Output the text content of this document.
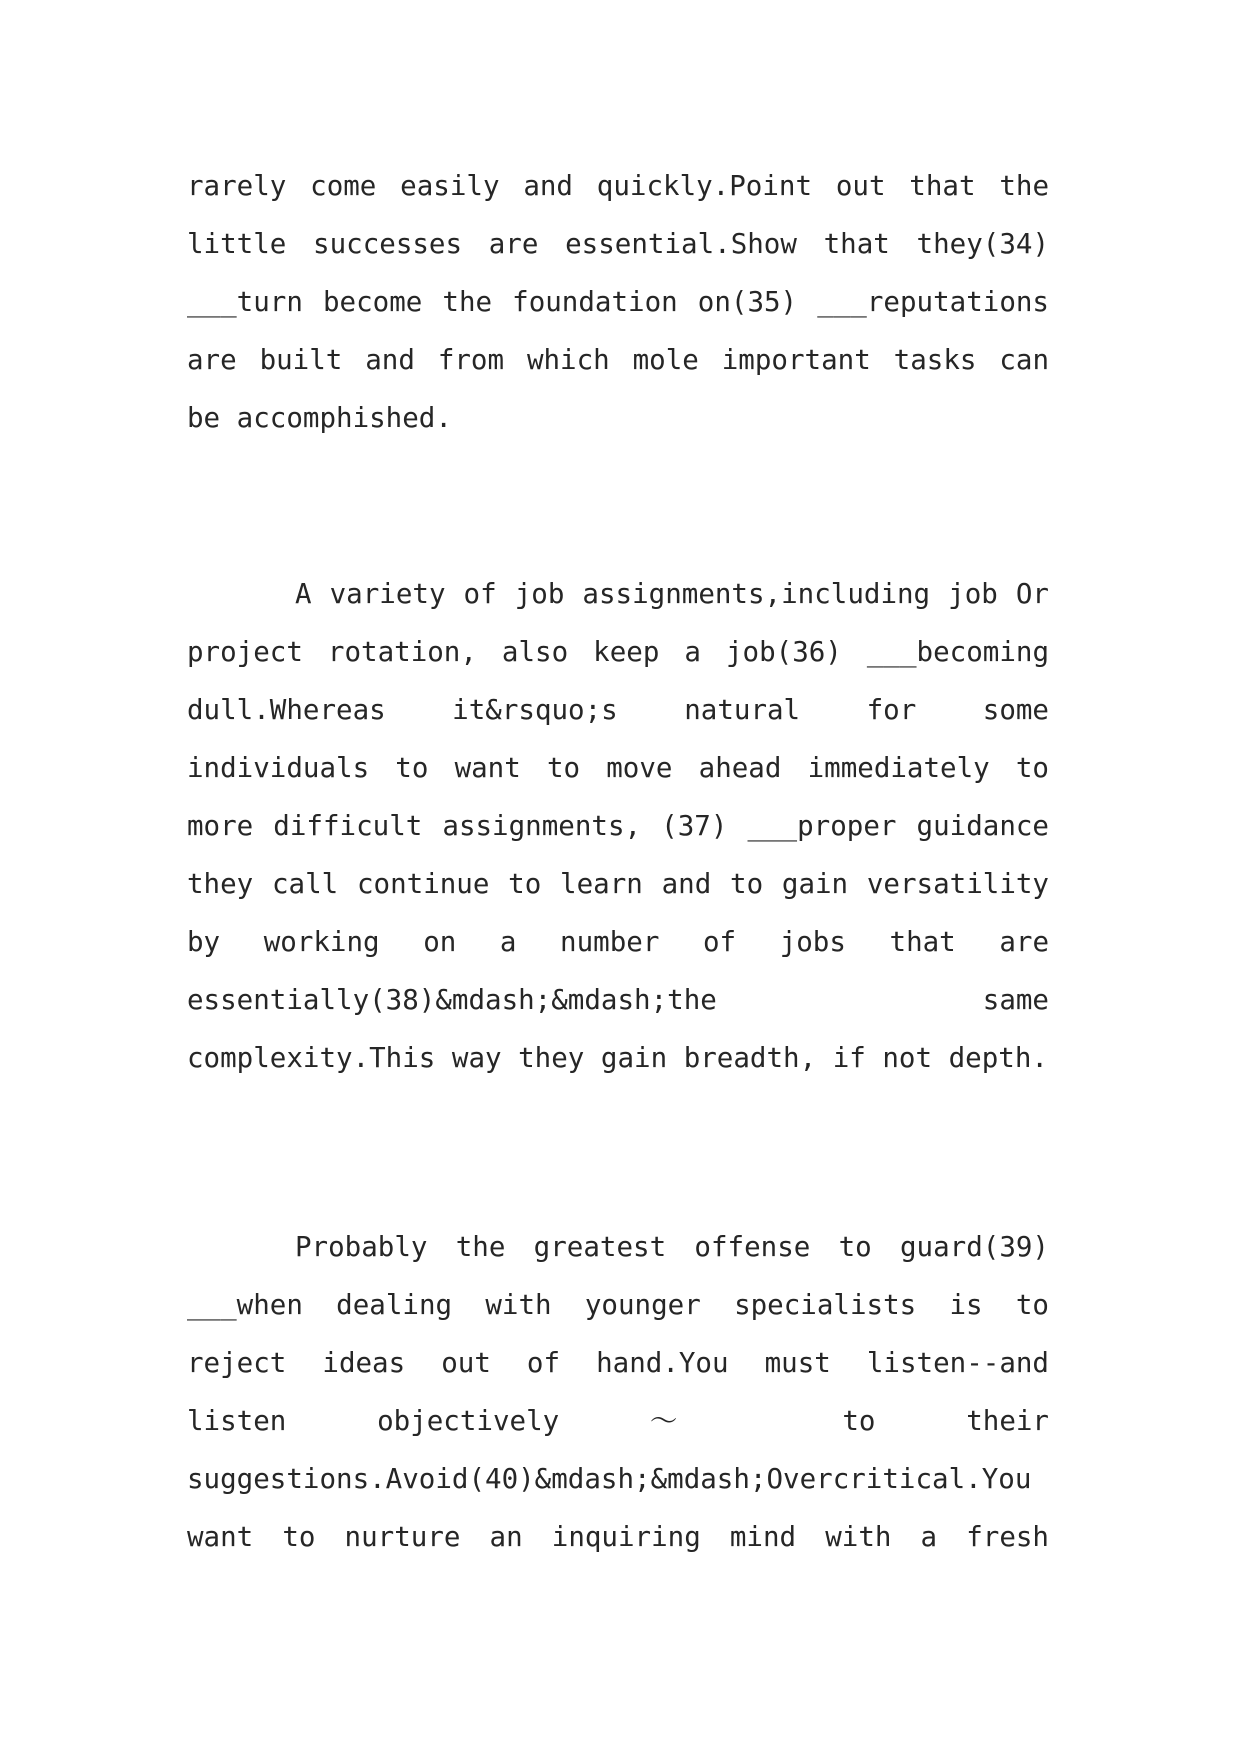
rarely come easily and quickly.Point out that the
little successes are essential.Show that they(34)
___turn become the foundation on(35) ___reputations
are built and from which mole important tasks can
be accomphished.
A variety of job assignments,including job Or
project rotation, also keep a job(36) ___becoming
dull.Whereas it&rsquo;s natural for some
individuals to want to move ahead immediately to
more difficult assignments, (37) ___proper guidance
they call continue to learn and to gain versatility
by working on a number of jobs that are
essentially(38)&mdash;&mdash;the same
complexity.This way they gain breadth, if not depth.
Probably the greatest offense to guard(39)
___when dealing with younger specialists is to
reject ideas out of hand.You must listen--and
listen objectively ～ to their
suggestions.Avoid(40)&mdash;&mdash;Overcritical.You
want to nurture an inquiring mind with a fresh
